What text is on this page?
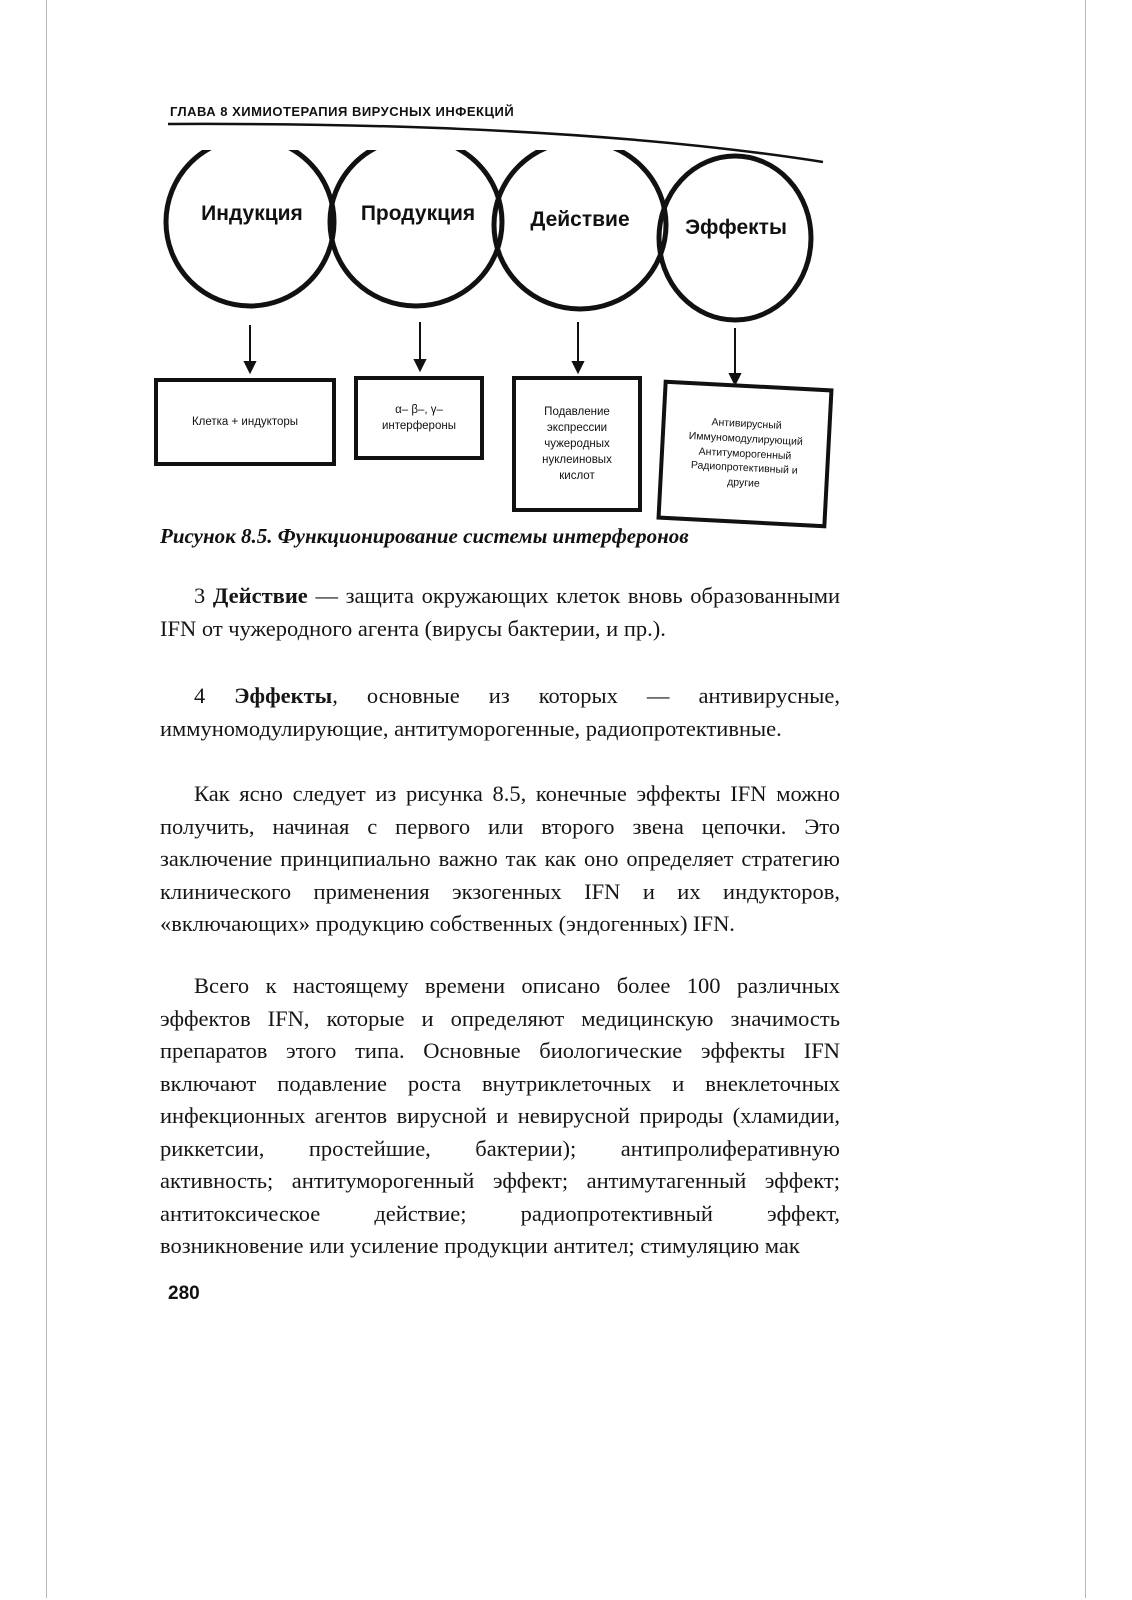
ГЛАВА 8 ХИМИОТЕРАПИЯ ВИРУСНЫХ ИНФЕКЦИЙ
Индукция	Продукция	Действие	Эффекты
Клетка + индукторы
α– β–, γ– интерфероны
Подавление экспрессии чужеродных нуклеиновых кислот
Антивирусный Иммуномодулирующий Антитуморогенный Радиопротективный и другие
Рисунок 8.5. Функционирование системы интерферонов

3 Действие — защита окружающих клеток вновь образованными IFN от чужеродного агента (вирусы бактерии, и пр.).

4 Эффекты, основные из которых — антивирусные, иммуномодулирующие, антитуморогенные, радиопротективные.

Как ясно следует из рисунка 8.5, конечные эффекты IFN можно получить, начиная с первого или второго звена цепочки. Это заключение принципиально важно так как оно определяет стратегию клинического применения экзогенных IFN и их индукторов, «включающих» продукцию собственных (эндогенных) IFN.

Всего к настоящему времени описано более 100 различных эффектов IFN, которые и определяют медицинскую значимость препаратов этого типа. Основные биологические эффекты IFN включают подавление роста внутриклеточных и внеклеточных инфекционных агентов вирусной и невирусной природы (хламидии, риккетсии, простейшие, бактерии); антипролиферативную активность; антитуморогенный эффект; антимутагенный эффект; антитоксическое действие; радиопротективный эффект, возникновение или усиление продукции антител; стимуляцию мак

280
